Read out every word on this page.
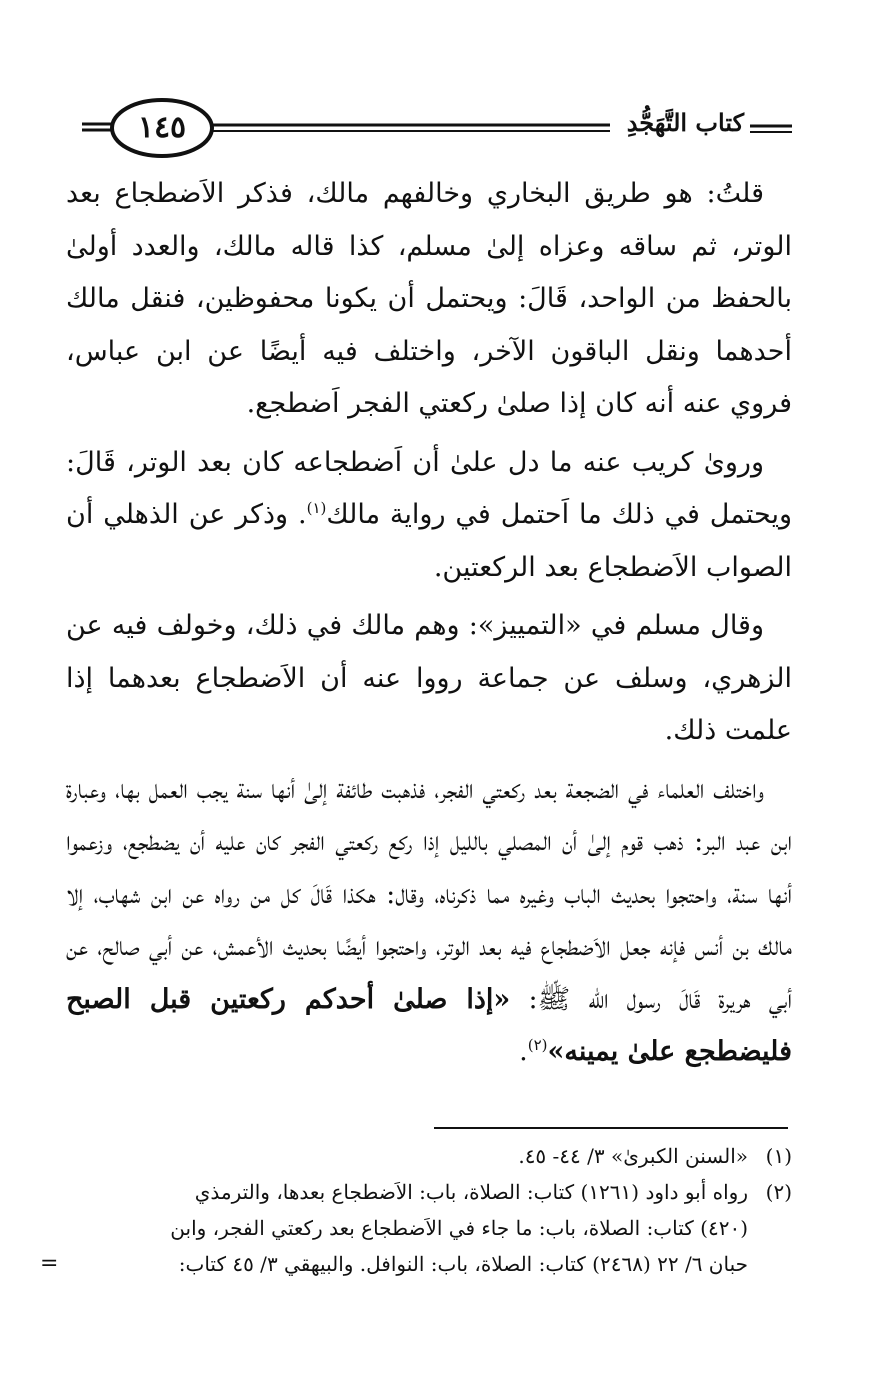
١٤٥	كتاب التَّهَجُّدِ

قلتُ: هو طريق البخاري وخالفهم مالك، فذكر الاَضطجاع بعد الوتر، ثم ساقه وعزاه إلىٰ مسلم، كذا قاله مالك، والعدد أولىٰ بالحفظ من الواحد، قَالَ: ويحتمل أن يكونا محفوظين، فنقل مالك أحدهما ونقل الباقون الآخر، واختلف فيه أيضًا عن ابن عباس، فروي عنه أنه كان إذا صلىٰ ركعتي الفجر اَضطجع.

ورویٰ كريب عنه ما دل علىٰ أن اَضطجاعه كان بعد الوتر، قَالَ: ويحتمل في ذلك ما اَحتمل في رواية مالك$^{(١)}$. وذكر عن الذهلي أن الصواب الاَضطجاع بعد الركعتين.

وقال مسلم في «التمييز»: وهم مالك في ذلك، وخولف فيه عن الزهري، وسلف عن جماعة رووا عنه أن الاَضطجاع بعدهما إذا علمت ذلك.

واختلف العلماء في الضجعة بعد ركعتي الفجر، فذهبت طائفة إلىٰ أنها سنة يجب العمل بها، وعبارة ابن عبد البر: ذهب قوم إلىٰ أن المصلي بالليل إذا ركع ركعتي الفجر كان عليه أن يضطجع، وزعموا أنها سنة، واحتجوا بحديث الباب وغيره مما ذكرناه، وقال: هكذا قَالَ كل من رواه عن ابن شهاب، إلا مالك بن أنس فإنه جعل الاَضطجاع فيه بعد الوتر، واحتجوا أيضًا بحديث الأعمش، عن أبي صالح، عن أبي هريرة قَالَ رسول الله ﷺ: «إذا صلىٰ أحدكم ركعتين قبل الصبح فليضطجع علىٰ يمينه»$^{(٢)}$.

(١)
«السنن الكبرىٰ» ٣/ ٤٤- ٤٥.
(٢)
رواه أبو داود (١٢٦١) كتاب: الصلاة، باب: الاَضطجاع بعدها، والترمذي
(٤٢٠) كتاب: الصلاة، باب: ما جاء في الاَضطجاع بعد ركعتي الفجر، وابن
حبان ٦/ ٢٢ (٢٤٦٨) كتاب: الصلاة، باب: النوافل. والبيهقي ٣/ ٤٥ كتاب:
=
